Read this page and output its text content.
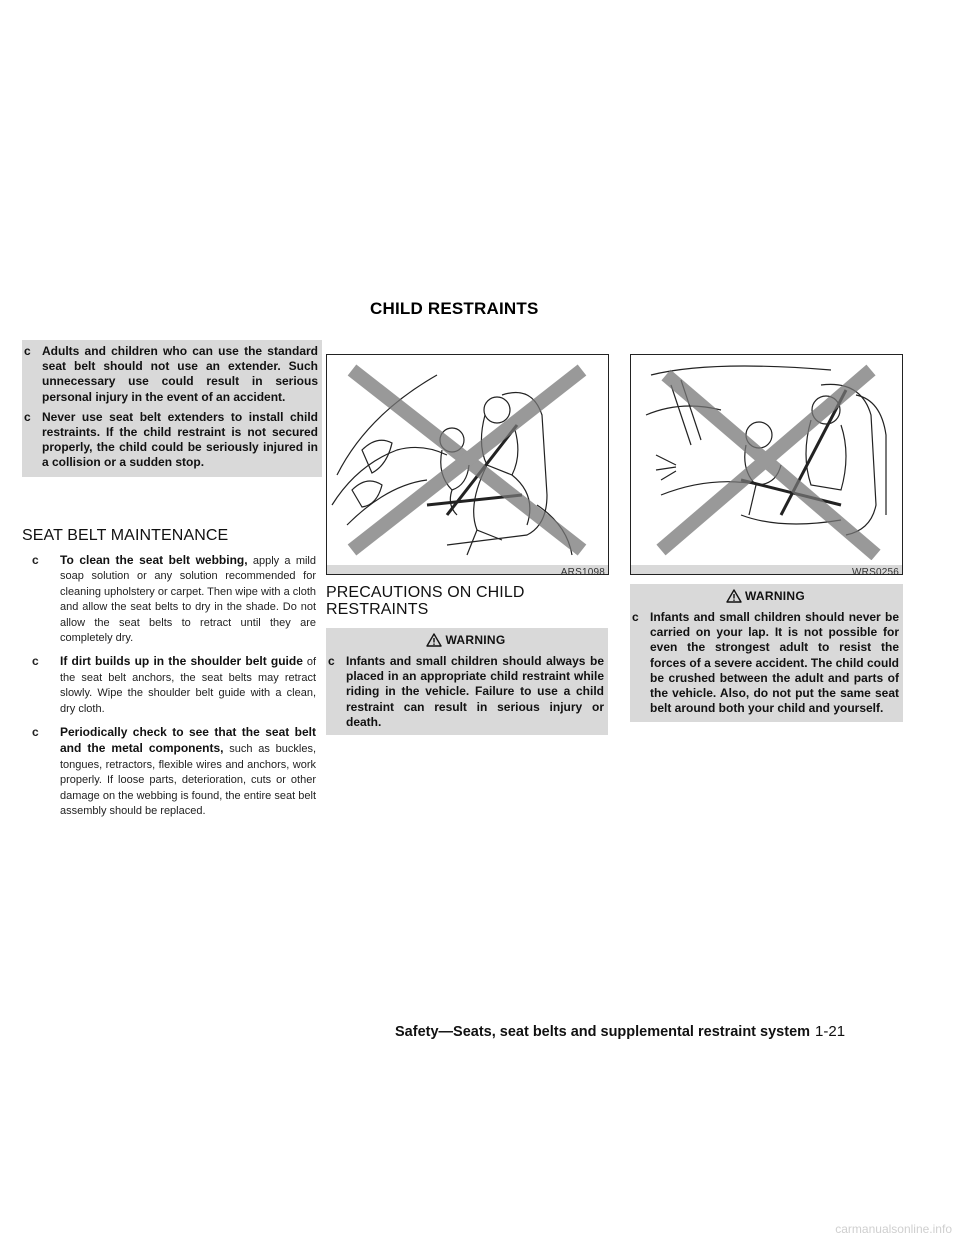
CHILD RESTRAINTS
c Adults and children who can use the standard seat belt should not use an extender. Such unnecessary use could result in serious personal injury in the event of an accident.
c Never use seat belt extenders to install child restraints. If the child restraint is not secured properly, the child could be seriously injured in a collision or a sudden stop.
SEAT BELT MAINTENANCE
c	To clean the seat belt webbing, apply a mild soap solution or any solution recommended for cleaning upholstery or carpet. Then wipe with a cloth and allow the seat belts to dry in the shade. Do not allow the seat belts to retract until they are completely dry.
c	If dirt builds up in the shoulder belt guide of the seat belt anchors, the seat belts may retract slowly. Wipe the shoulder belt guide with a clean, dry cloth.
c	Periodically check to see that the seat belt and the metal components, such as buckles, tongues, retractors, flexible wires and anchors, work properly. If loose parts, deterioration, cuts or other damage on the webbing is found, the entire seat belt assembly should be replaced.
ARS1098
PRECAUTIONS ON CHILD RESTRAINTS
WARNING
c Infants and small children should always be placed in an appropriate child restraint while riding in the vehicle. Failure to use a child restraint can result in serious injury or death.
WRS0256
WARNING
c Infants and small children should never be carried on your lap. It is not possible for even the strongest adult to resist the forces of a severe accident. The child could be crushed between the adult and parts of the vehicle. Also, do not put the same seat belt around both your child and yourself.
Safety—Seats, seat belts and supplemental restraint system 1-21
carmanualsonline.info
